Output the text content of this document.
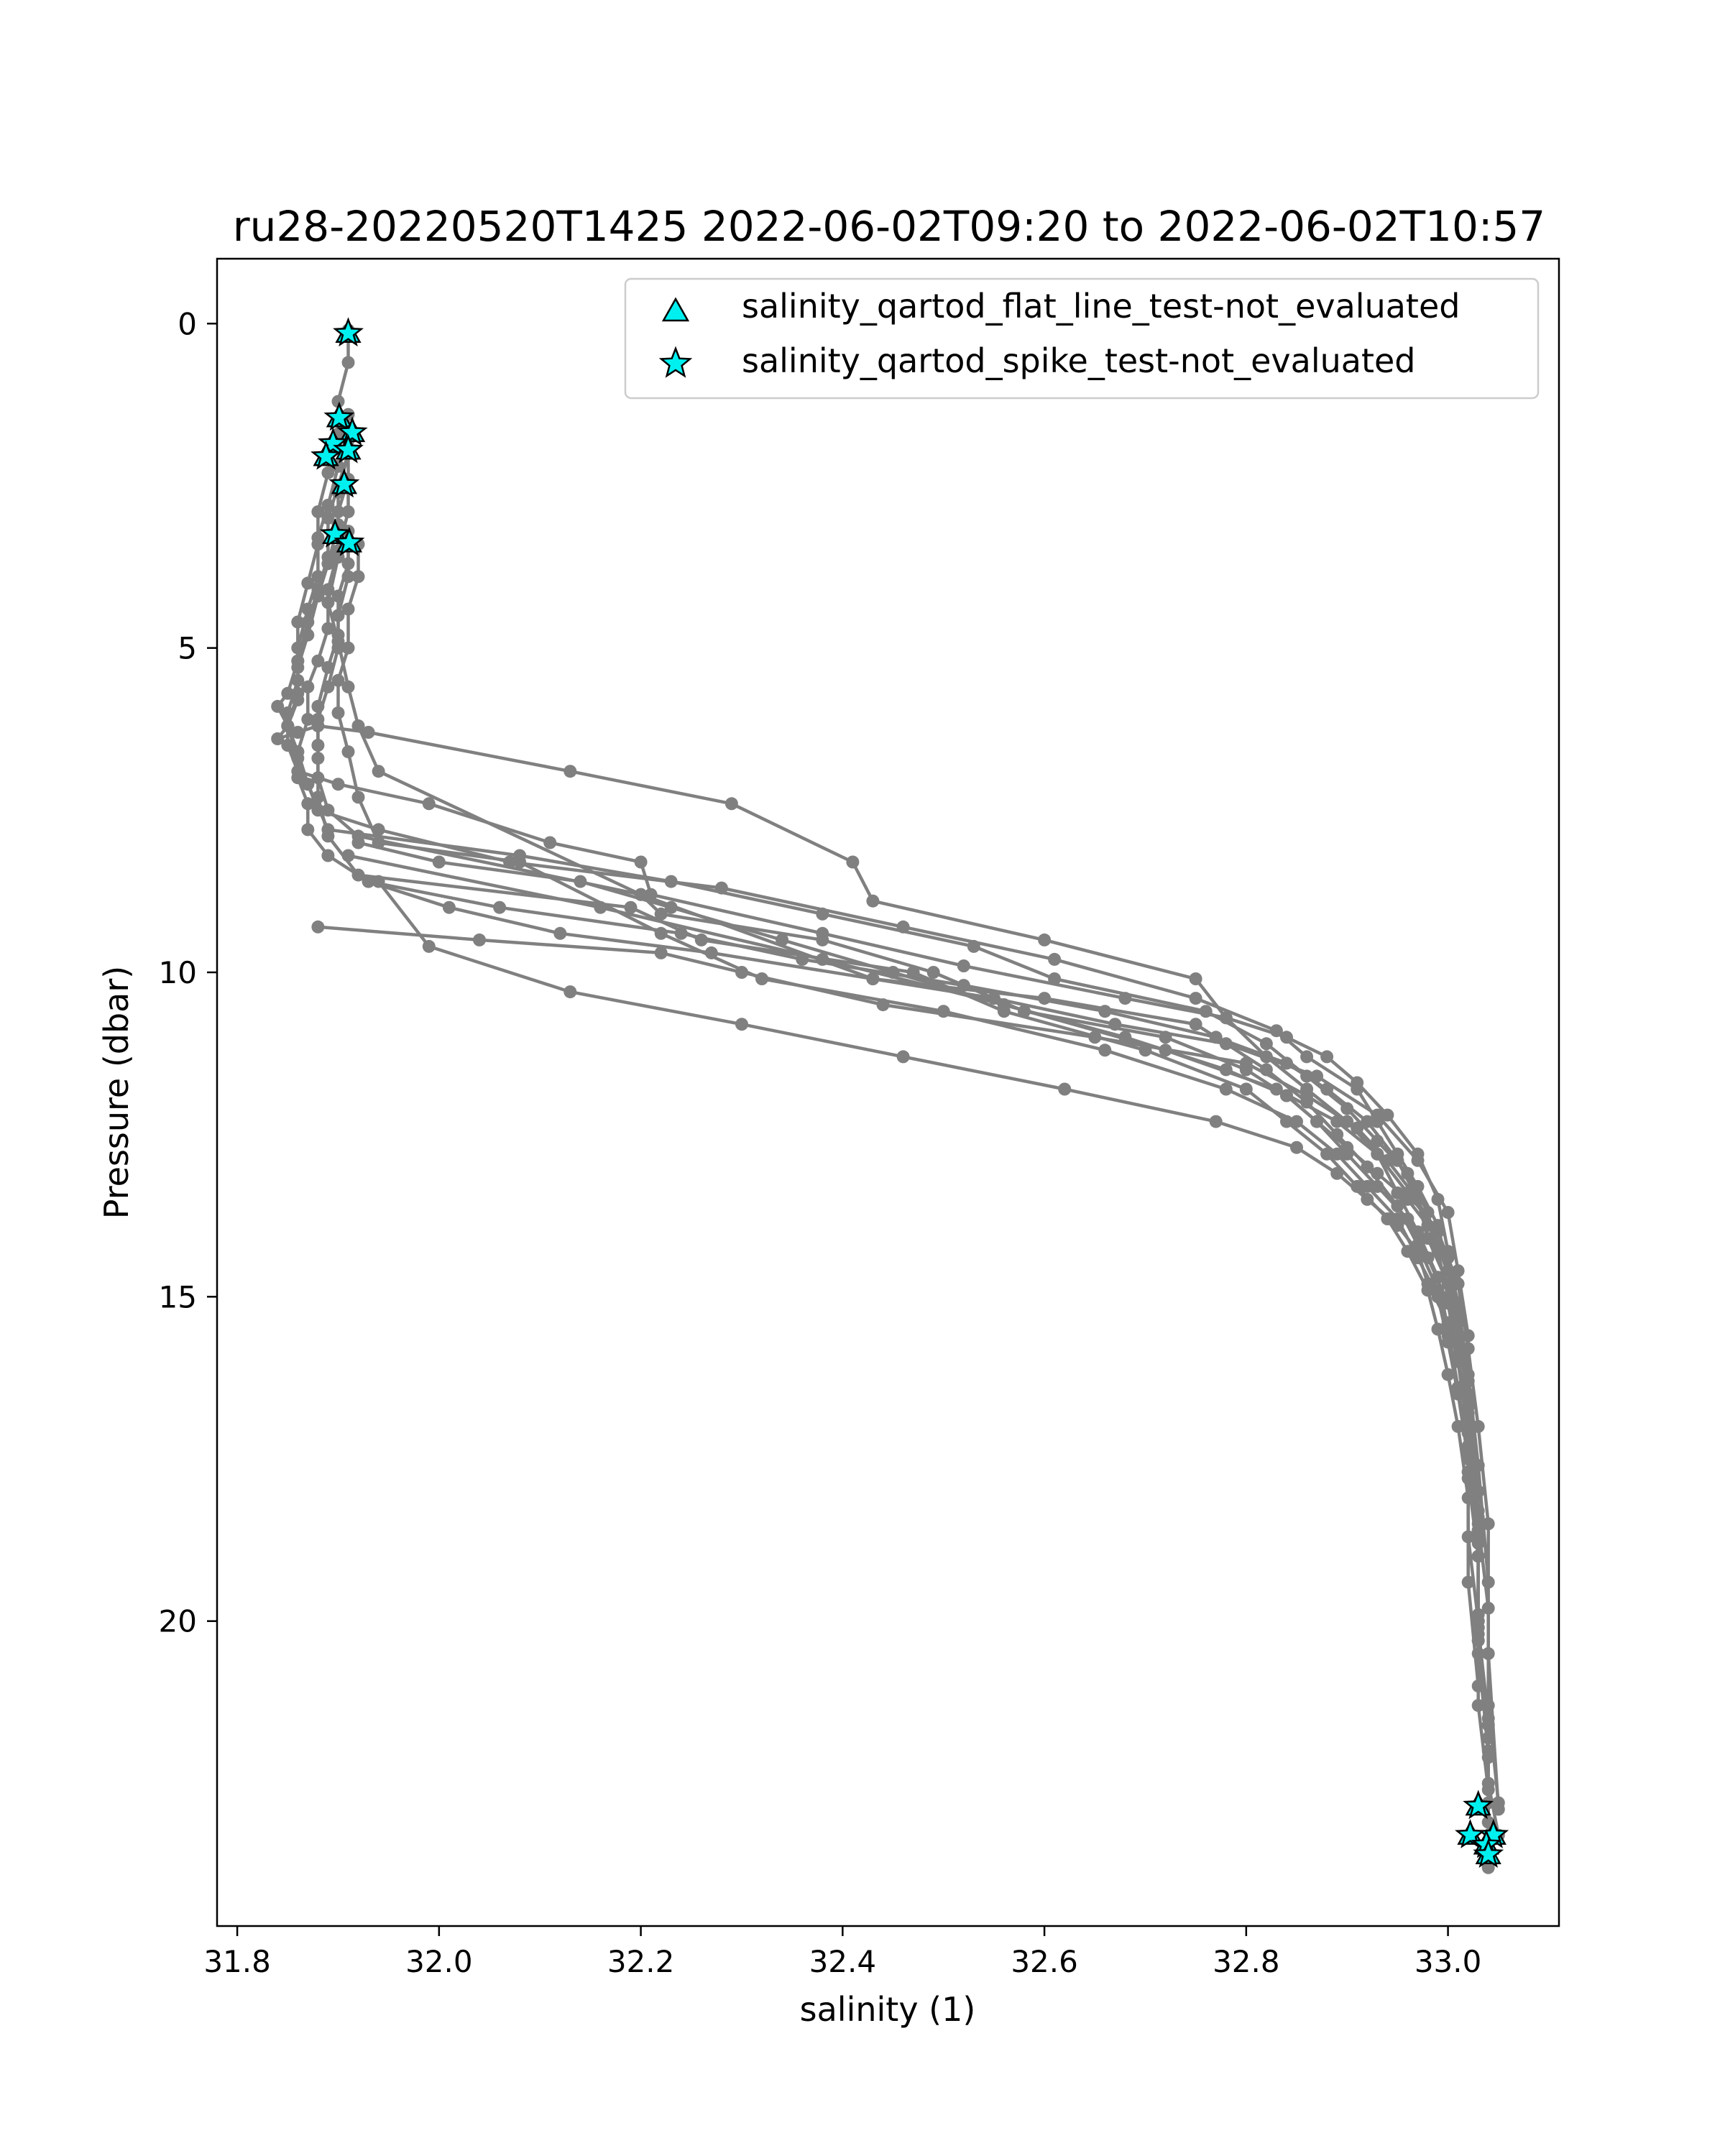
ru28-20220520T1425 2022-06-02T09:20 to 2022-06-02T10:57
31.8	32.0	32.2	32.4	32.6	32.8	33.0
0
5
10
15
20
salinity (1)
Pressure (dbar)
salinity_qartod_flat_line_test-not_evaluated
salinity_qartod_spike_test-not_evaluated
